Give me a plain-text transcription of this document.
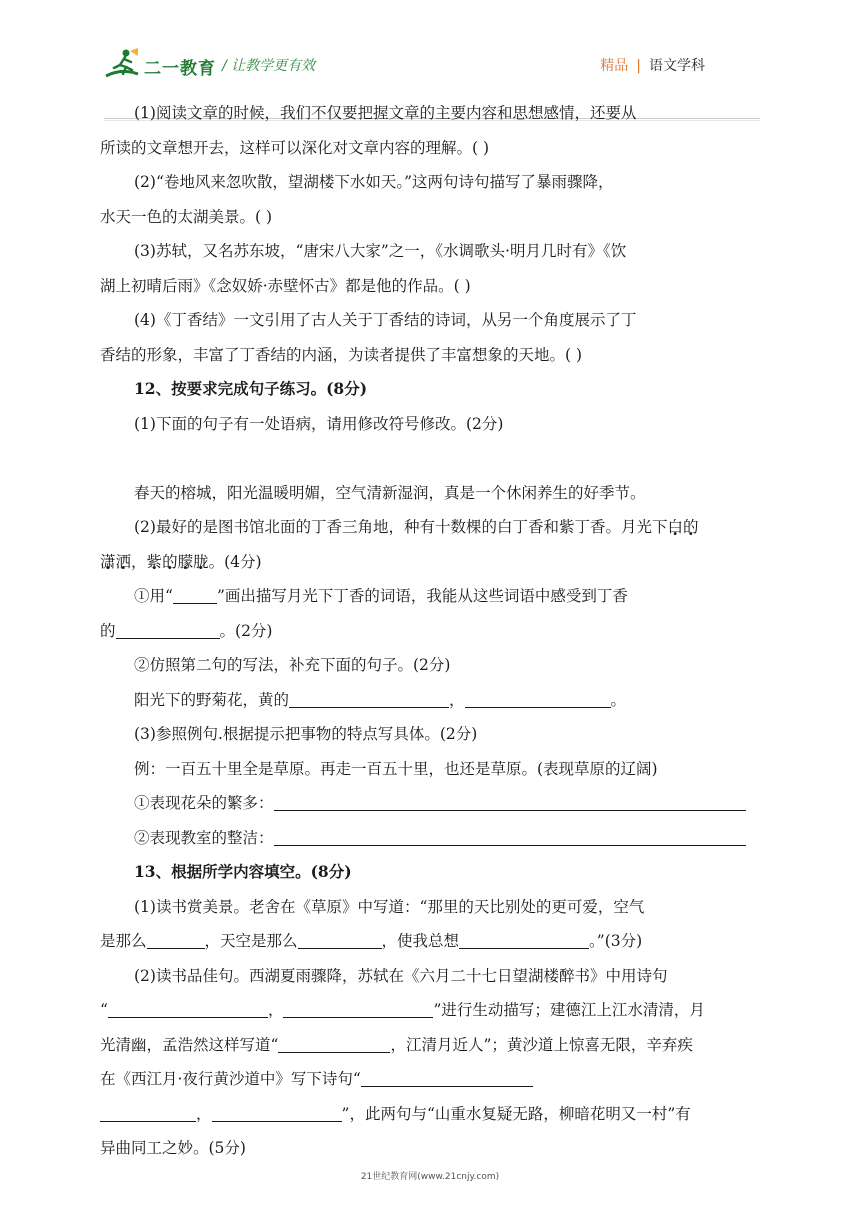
二一教育 / 让教学更有效	精品 | 语文学科
(1)阅读文章的时候，我们不仅要把握文章的主要内容和思想感情，还要从
所读的文章想开去，这样可以深化对文章内容的理解。( )
(2)“卷地风来忽吹散，望湖楼下水如天。”这两句诗句描写了暴雨骤降，
水天一色的太湖美景。( )
(3)苏轼，又名苏东坡，“唐宋八大家”之一，《水调歌头·明月几时有》《饮
湖上初晴后雨》《念奴娇·赤壁怀古》都是他的作品。( )
(4)《丁香结》一文引用了古人关于丁香结的诗词，从另一个角度展示了丁
香结的形象，丰富了丁香结的内涵，为读者提供了丰富想象的天地。( )
12、按要求完成句子练习。(8分)
(1)下面的句子有一处语病，请用修改符号修改。(2分)
春天的榕城，阳光温暖明媚，空气清新湿润，真是一个休闲养生的好季节。
(2)最好的是图书馆北面的丁香三角地，种有十数棵的白丁香和紫丁香。月光下白的
潇洒，紫的朦胧。(4分)
①用“	”画出描写月光下丁香的词语，我能从这些词语中感受到丁香
的	。(2分)
②仿照第二句的写法，补充下面的句子。(2分)
阳光下的野菊花，黄的	，	。
(3)参照例句.根据提示把事物的特点写具体。(2分)
例：一百五十里全是草原。再走一百五十里，也还是草原。(表现草原的辽阔)
①表现花朵的繁多：
②表现教室的整洁：
13、根据所学内容填空。(8分)
(1)读书赏美景。老舍在《草原》中写道：“那里的天比别处的更可爱，空气
是那么	，天空是那么	，使我总想	。”(3分)
(2)读书品佳句。西湖夏雨骤降，苏轼在《六月二十七日望湖楼醉书》中用诗句
“	，	”进行生动描写；建德江上江水清清，月
光清幽，孟浩然这样写道“	，江清月近人”；黄沙道上惊喜无限，辛弃疾
在《西江月·夜行黄沙道中》写下诗句“
，	”，此两句与“山重水复疑无路，柳暗花明又一村”有
异曲同工之妙。(5分)
21世纪教育网(www.21cnjy.com)
